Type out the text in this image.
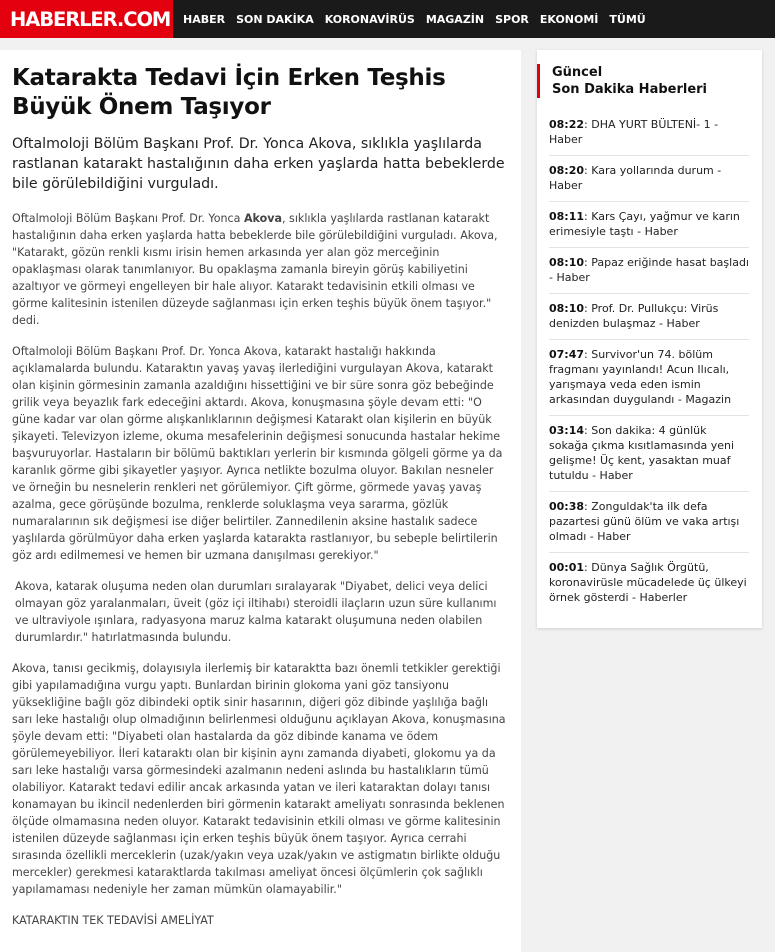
HABERLER.COM HABER SON DAKİKA KORONAVİRÜS MAGAZİN SPOR EKONOMİ TÜMÜ
Katarakta Tedavi İçin Erken Teşhis Büyük Önem Taşıyor

Oftalmoloji Bölüm Başkanı Prof. Dr. Yonca Akova, sıklıkla yaşlılarda rastlanan katarakt hastalığının daha erken yaşlarda hatta bebeklerde bile görülebildiğini vurguladı.

Oftalmoloji Bölüm Başkanı Prof. Dr. Yonca Akova, sıklıkla yaşlılarda rastlanan katarakt hastalığının daha erken yaşlarda hatta bebeklerde bile görülebildiğini vurguladı. Akova, "Katarakt, gözün renkli kısmı irisin hemen arkasında yer alan göz merceğinin opaklaşması olarak tanımlanıyor. Bu opaklaşma zamanla bireyin görüş kabiliyetini azaltıyor ve görmeyi engelleyen bir hale alıyor. Katarakt tedavisinin etkili olması ve görme kalitesinin istenilen düzeyde sağlanması için erken teşhis büyük önem taşıyor." dedi.

Oftalmoloji Bölüm Başkanı Prof. Dr. Yonca Akova, katarakt hastalığı hakkında açıklamalarda bulundu. Kataraktın yavaş yavaş ilerlediğini vurgulayan Akova, katarakt olan kişinin görmesinin zamanla azaldığını hissettiğini ve bir süre sonra göz bebeğinde grilik veya beyazlık fark edeceğini aktardı. Akova, konuşmasına şöyle devam etti: "O güne kadar var olan görme alışkanlıklarının değişmesi Katarakt olan kişilerin en büyük şikayeti. Televizyon izleme, okuma mesafelerinin değişmesi sonucunda hastalar hekime başvuruyorlar. Hastaların bir bölümü baktıkları yerlerin bir kısmında gölgeli görme ya da karanlık görme gibi şikayetler yaşıyor. Ayrıca netlikte bozulma oluyor. Bakılan nesneler ve örneğin bu nesnelerin renkleri net görülemiyor. Çift görme, görmede yavaş yavaş azalma, gece görüşünde bozulma, renklerde soluklaşma veya sararma, gözlük numaralarının sık değişmesi ise diğer belirtiler. Zannedilenin aksine hastalık sadece yaşlılarda görülmüyor daha erken yaşlarda katarakta rastlanıyor, bu sebeple belirtilerin göz ardı edilmemesi ve hemen bir uzmana danışılması gerekiyor."

Akova, katarak oluşuma neden olan durumları sıralayarak "Diyabet, delici veya delici olmayan göz yaralanmaları, üveit (göz içi iltihabı) steroidli ilaçların uzun süre kullanımı ve ultraviyole ışınlara, radyasyona maruz kalma katarakt oluşumuna neden olabilen durumlardır." hatırlatmasında bulundu.

Akova, tanısı gecikmiş, dolayısıyla ilerlemiş bir kataraktta bazı önemli tetkikler gerektiği gibi yapılamadığına vurgu yaptı. Bunlardan birinin glokoma yani göz tansiyonu yüksekliğine bağlı göz dibindeki optik sinir hasarının, diğeri göz dibinde yaşlılığa bağlı sarı leke hastalığı olup olmadığının belirlenmesi olduğunu açıklayan Akova, konuşmasına şöyle devam etti: "Diyabeti olan hastalarda da göz dibinde kanama ve ödem görülemeyebiliyor. İleri kataraktı olan bir kişinin aynı zamanda diyabeti, glokomu ya da sarı leke hastalığı varsa görmesindeki azalmanın nedeni aslında bu hastalıkların tümü olabiliyor. Katarakt tedavi edilir ancak arkasında yatan ve ileri kataraktan dolayı tanısı konamayan bu ikincil nedenlerden biri görmenin katarakt ameliyatı sonrasında beklenen ölçüde olmamasına neden oluyor. Katarakt tedavisinin etkili olması ve görme kalitesinin istenilen düzeyde sağlanması için erken teşhis büyük önem taşıyor. Ayrıca cerrahi sırasında özellikli merceklerin (uzak/yakın veya uzak/yakın ve astigmatın birlikte olduğu mercekler) gerekmesi kataraktlarda takılması ameliyat öncesi ölçümlerin çok sağlıklı yapılamaması nedeniyle her zaman mümkün olamayabilir."

KATARAKTIN TEK TEDAVİSİ AMELİYAT

Güncel
Son Dakika Haberleri
08:22: DHA YURT BÜLTENİ- 1 - Haber
08:20: Kara yollarında durum - Haber
08:11: Kars Çayı, yağmur ve karın erimesiyle taştı - Haber
08:10: Papaz eriğinde hasat başladı - Haber
08:10: Prof. Dr. Pullukçu: Virüs denizden bulaşmaz - Haber
07:47: Survivor'un 74. bölüm fragmanı yayınlandı! Acun Ilıcalı, yarışmaya veda eden ismin arkasından duygulandı - Magazin
03:14: Son dakika: 4 günlük sokağa çıkma kısıtlamasında yeni gelişme! Üç kent, yasaktan muaf tutuldu - Haber
00:38: Zonguldak'ta ilk defa pazartesi günü ölüm ve vaka artışı olmadı - Haber
00:01: Dünya Sağlık Örgütü, koronavirüsle mücadelede üç ülkeyi örnek gösterdi - Haberler
